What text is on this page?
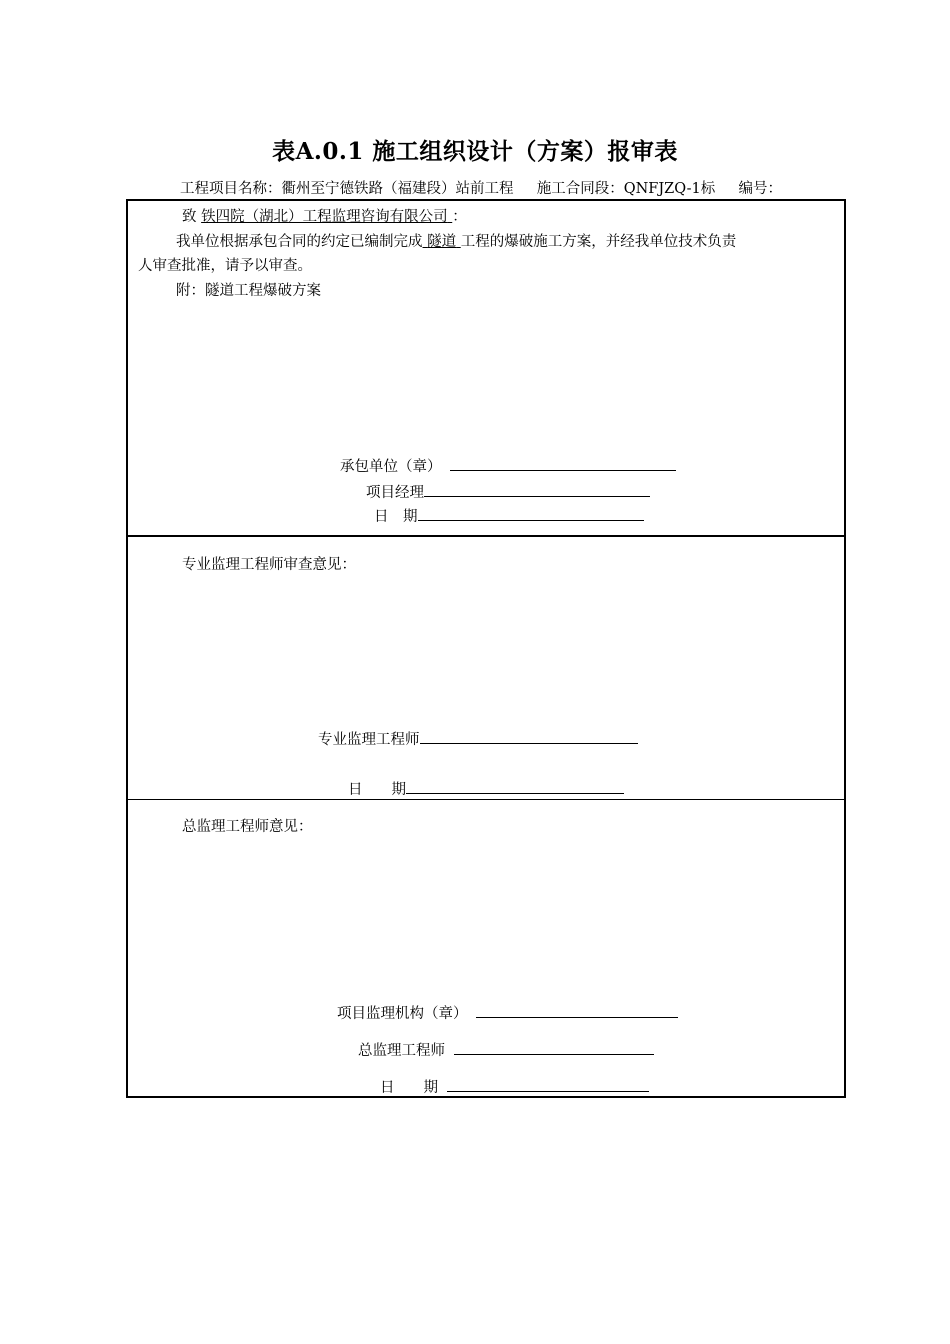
表A.0.1 施工组织设计（方案）报审表
工程项目名称：衢州至宁德铁路（福建段）站前工程 施工合同段：QNFJZQ-1标 编号：
致 铁四院（湖北）工程监理咨询有限公司 ：
我单位根据承包合同的约定已编制完成 隧道 工程的爆破施工方案，并经我单位技术负责
人审查批准，请予以审查。
附：隧道工程爆破方案
承包单位（章）
项目经理
日　期
专业监理工程师审查意见：
专业监理工程师
日　　期
总监理工程师意见：
项目监理机构（章）
总监理工程师
日　　期
